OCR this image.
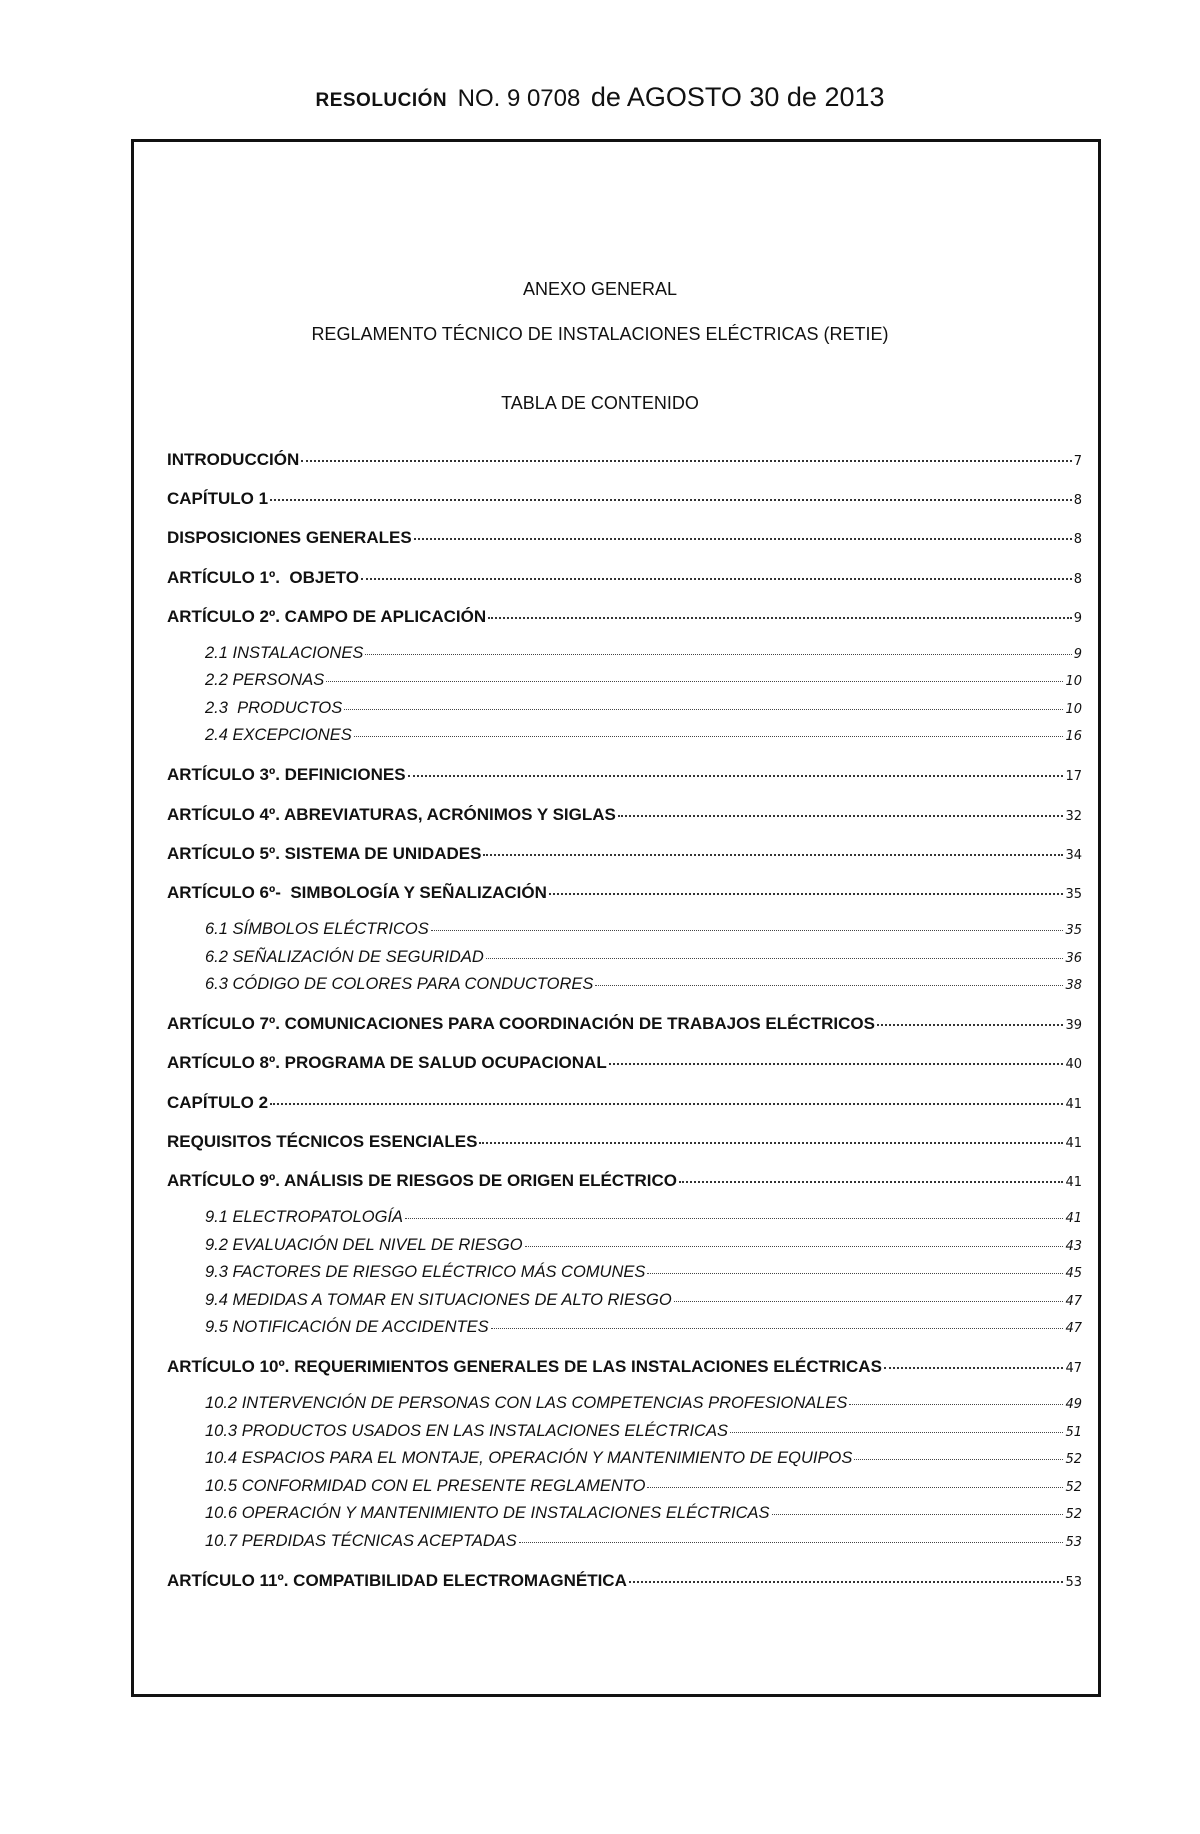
RESOLUCIÓN NO. 9 0708 de AGOSTO 30 de 2013
ANEXO GENERAL
REGLAMENTO TÉCNICO DE INSTALACIONES ELÉCTRICAS (RETIE)
TABLA DE CONTENIDO
INTRODUCCIÓN	7
CAPÍTULO 1	8
DISPOSICIONES GENERALES	8
ARTÍCULO 1º.  OBJETO	8
ARTÍCULO 2º. CAMPO DE APLICACIÓN	9
2.1 INSTALACIONES	9
2.2 PERSONAS	10
2.3  PRODUCTOS	10
2.4 EXCEPCIONES	16
ARTÍCULO 3º. DEFINICIONES	17
ARTÍCULO 4º. ABREVIATURAS, ACRÓNIMOS Y SIGLAS	32
ARTÍCULO 5º. SISTEMA DE UNIDADES	34
ARTÍCULO 6º-  SIMBOLOGÍA Y SEÑALIZACIÓN	35
6.1 SÍMBOLOS ELÉCTRICOS	35
6.2 SEÑALIZACIÓN DE SEGURIDAD	36
6.3 CÓDIGO DE COLORES PARA CONDUCTORES	38
ARTÍCULO 7º. COMUNICACIONES PARA COORDINACIÓN DE TRABAJOS ELÉCTRICOS	39
ARTÍCULO 8º. PROGRAMA DE SALUD OCUPACIONAL	40
CAPÍTULO 2	41
REQUISITOS TÉCNICOS ESENCIALES	41
ARTÍCULO 9º. ANÁLISIS DE RIESGOS DE ORIGEN ELÉCTRICO	41
9.1 ELECTROPATOLOGÍA	41
9.2 EVALUACIÓN DEL NIVEL DE RIESGO	43
9.3 FACTORES DE RIESGO ELÉCTRICO MÁS COMUNES	45
9.4 MEDIDAS A TOMAR EN SITUACIONES DE ALTO RIESGO	47
9.5 NOTIFICACIÓN DE ACCIDENTES	47
ARTÍCULO 10º. REQUERIMIENTOS GENERALES DE LAS INSTALACIONES ELÉCTRICAS	47
10.2 INTERVENCIÓN DE PERSONAS CON LAS COMPETENCIAS PROFESIONALES	49
10.3 PRODUCTOS USADOS EN LAS INSTALACIONES ELÉCTRICAS	51
10.4 ESPACIOS PARA EL MONTAJE, OPERACIÓN Y MANTENIMIENTO DE EQUIPOS	52
10.5 CONFORMIDAD CON EL PRESENTE REGLAMENTO	52
10.6 OPERACIÓN Y MANTENIMIENTO DE INSTALACIONES ELÉCTRICAS	52
10.7 PERDIDAS TÉCNICAS ACEPTADAS	53
ARTÍCULO 11º. COMPATIBILIDAD ELECTROMAGNÉTICA	53
